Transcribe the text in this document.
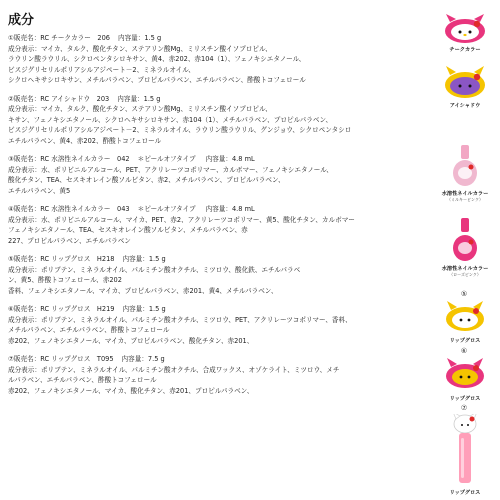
成分
①販売名：RC チークカラー　206 内容量：1.5 g
成分表示：マイカ、タルク、酸化チタン、ステアリン酸Mg、ミリスチン酸イソプロピル、
ラウリン酸ラウリル、シクロペンタシロキサン、黄4、赤202、赤104（1）、フェノキシエタノール、
ビスジグリセリルポリアシルアジペート－2、ミネラルオイル、
シクロヘキサシロキサン、メチルパラベン、プロピルパラベン、エチルパラベン、酢酸トコフェロール
②販売名：RC アイシャドウ　203 内容量：1.5 g
成分表示：マイカ、タルク、酸化チタン、ステアリン酸Mg、ミリスチン酸イソプロピル、
キサン、フェノキシエタノール、シクロヘキサシロキサン、赤104（1）、メチルパラベン、プロピルパラベン、
ビスジグリセリルポリアシルアジペート－2、ミネラルオイル、ラウリン酸ラウリル、グンジョウ、シクロペンタシロ
エチルパラベン、黄4、赤202、酢酸トコフェロール
③販売名：RC 水溶性ネイルカラー　042 ＊ピールオフタイプ 内容量：4.8 mL
成分表示：水、ポリビニルアルコール、PET、アクリレーツコポリマー、カルボマー、フェノキシエタノール、
酸化チタン、TEA、セスキオレイン酸ソルビタン、赤2、メチルパラベン、プロピルパラベン、
エチルパラベン、黄5
④販売名：RC 水溶性ネイルカラー　043 ＊ピールオフタイプ 内容量：4.8 mL
成分表示：水、ポリビニルアルコール、マイカ、PET、赤2、アクリレーツコポリマー、黄5、酸化チタン、カルボマー
フェノキシエタノール、TEA、セスキオレイン酸ソルビタン、メチルパラベン、赤
227、プロピルパラベン、エチルパラベン
⑤販売名：RC リップグロス　H218 内容量：1.5 g
成分表示：ポリブテン、ミネラルオイル、パルミチン酸オクチル、ミツロウ、酸化鉄、エチルパラベ
ン、黄5、酢酸トコフェロール、赤202
香料、フェノキシエタノール、マイカ、プロピルパラベン、赤201、黄4、メチルパラベン、
⑥販売名：RC リップグロス　H219 内容量：1.5 g
成分表示：ポリブテン、ミネラルオイル、パルミチン酸オクチル、ミツロウ、PET、アクリレーツコポリマー、香料、
メチルパラベン、エチルパラベン、酢酸トコフェロール
赤202、フェノキシエタノール、マイカ、プロピルパラベン、酸化チタン、赤201、
⑦販売名：RC リップグロス　T095 内容量：7.5 g
成分表示：ポリブテン、ミネラルオイル、パルミチン酸オクチル、合成ワックス、オゾケライト、ミツロウ、メチ
ルパラベン、エチルパラベン、酢酸トコフェロール
赤202、フェノキシエタノール、マイカ、酸化チタン、赤201、プロピルパラベン、
チークカラー
アイシャドウ
水溶性ネイルカラー
（ミルキーピンク）
水溶性ネイルカラー
（ローズピンク）
⑤
リップグロス
⑥
リップグロス
⑦
リップグロス
